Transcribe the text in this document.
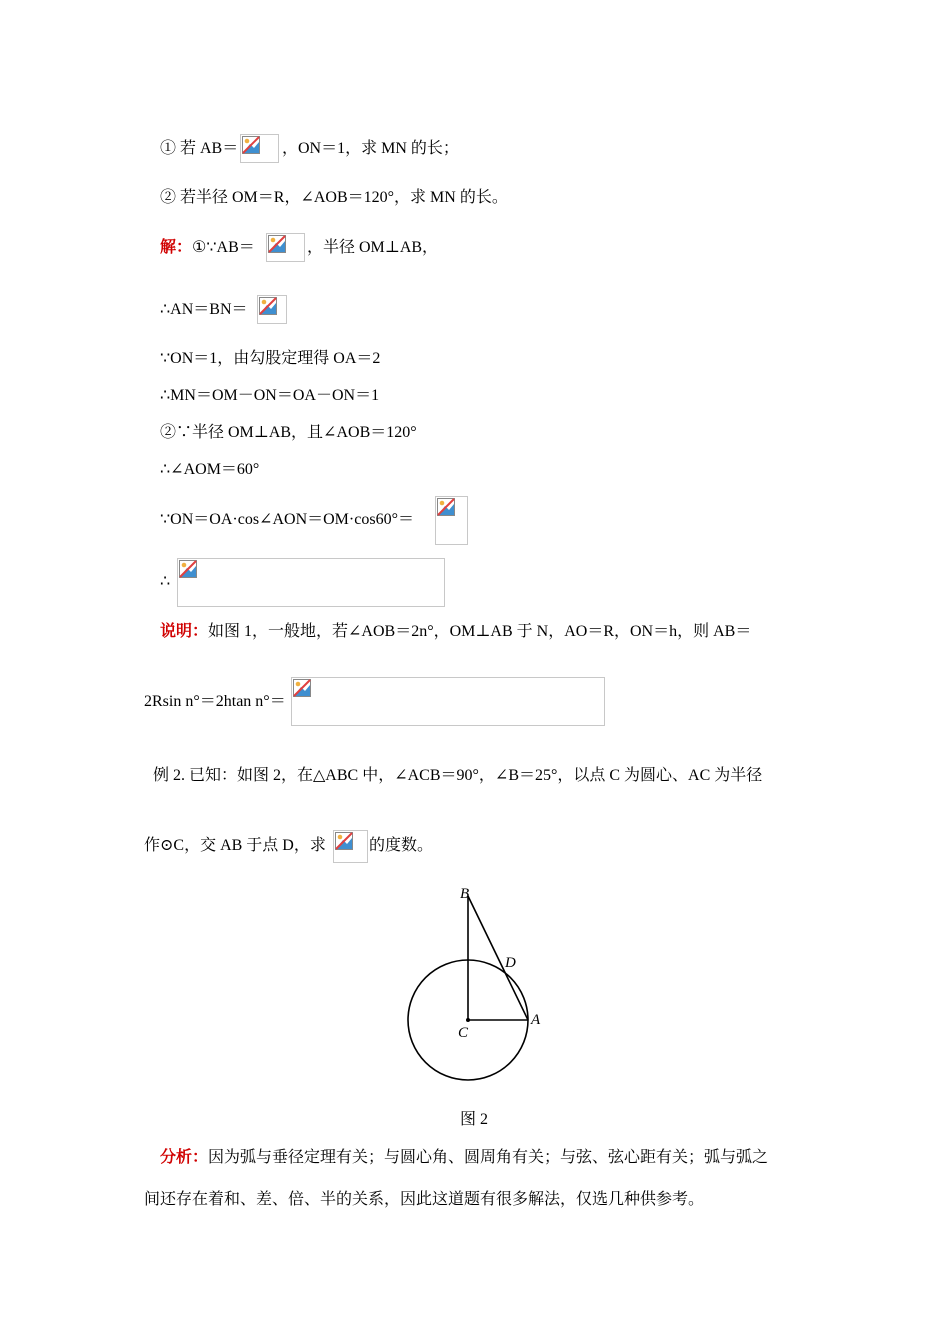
① 若 AB＝	，ON＝1，求 MN 的长；
② 若半径 OM＝R，∠AOB＝120°，求 MN 的长。
解：①∵AB＝	，半径 OM⊥AB，
∴AN＝BN＝
∵ON＝1，由勾股定理得 OA＝2
∴MN＝OM－ON＝OA－ON＝1
②∵半径 OM⊥AB，且∠AOB＝120°
∴∠AOM＝60°
∵ON＝OA·cos∠AON＝OM·cos60°＝
∴
说明：如图 1，一般地，若∠AOB＝2n°，OM⊥AB 于 N，AO＝R，ON＝h，则 AB＝
2Rsin n°＝2htan n°＝
例 2. 已知：如图 2，在△ABC 中，∠ACB＝90°，∠B＝25°，以点 C 为圆心、AC 为半径
作⊙C，交 AB 于点 D，求	的度数。
B
D
C
A
图 2
分析：因为弧与垂径定理有关；与圆心角、圆周角有关；与弦、弦心距有关；弧与弧之
间还存在着和、差、倍、半的关系，因此这道题有很多解法，仅选几种供参考。
